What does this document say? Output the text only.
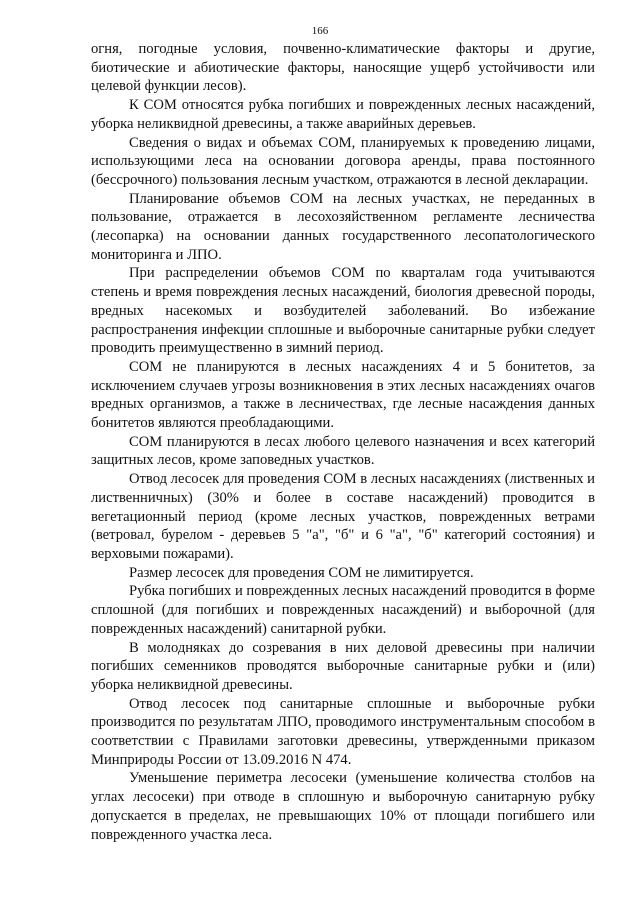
166

огня, погодные условия, почвенно-климатические факторы и другие, биотические и абиотические факторы, наносящие ущерб устойчивости или целевой функции лесов).

К СОМ относятся рубка погибших и поврежденных лесных насаждений, уборка неликвидной древесины, а также аварийных деревьев.

Сведения о видах и объемах СОМ, планируемых к проведению лицами, использующими леса на основании договора аренды, права постоянного (бессрочного) пользования лесным участком, отражаются в лесной декларации.

Планирование объемов СОМ на лесных участках, не переданных в пользование, отражается в лесохозяйственном регламенте лесничества (лесопарка) на основании данных государственного лесопатологического мониторинга и ЛПО.

При распределении объемов СОМ по кварталам года учитываются степень и время повреждения лесных насаждений, биология древесной породы, вредных насекомых и возбудителей заболеваний. Во избежание распространения инфекции сплошные и выборочные санитарные рубки следует проводить преимущественно в зимний период.

СОМ не планируются в лесных насаждениях 4 и 5 бонитетов, за исключением случаев угрозы возникновения в этих лесных насаждениях очагов вредных организмов, а также в лесничествах, где лесные насаждения данных бонитетов являются преобладающими.

СОМ планируются в лесах любого целевого назначения и всех категорий защитных лесов, кроме заповедных участков.

Отвод лесосек для проведения СОМ в лесных насаждениях (лиственных и лиственничных) (30% и более в составе насаждений) проводится в вегетационный период (кроме лесных участков, поврежденных ветрами (ветровал, бурелом - деревьев 5 "а", "б" и 6 "а", "б" категорий состояния) и верховыми пожарами).

Размер лесосек для проведения СОМ не лимитируется.

Рубка погибших и поврежденных лесных насаждений проводится в форме сплошной (для погибших и поврежденных насаждений) и выборочной (для поврежденных насаждений) санитарной рубки.

В молодняках до созревания в них деловой древесины при наличии погибших семенников проводятся выборочные санитарные рубки и (или) уборка неликвидной древесины.

Отвод лесосек под санитарные сплошные и выборочные рубки производится по результатам ЛПО, проводимого инструментальным способом в соответствии с Правилами заготовки древесины, утвержденными приказом Минприроды России от 13.09.2016 N 474.

Уменьшение периметра лесосеки (уменьшение количества столбов на углах лесосеки) при отводе в сплошную и выборочную санитарную рубку допускается в пределах, не превышающих 10% от площади погибшего или поврежденного участка леса.
